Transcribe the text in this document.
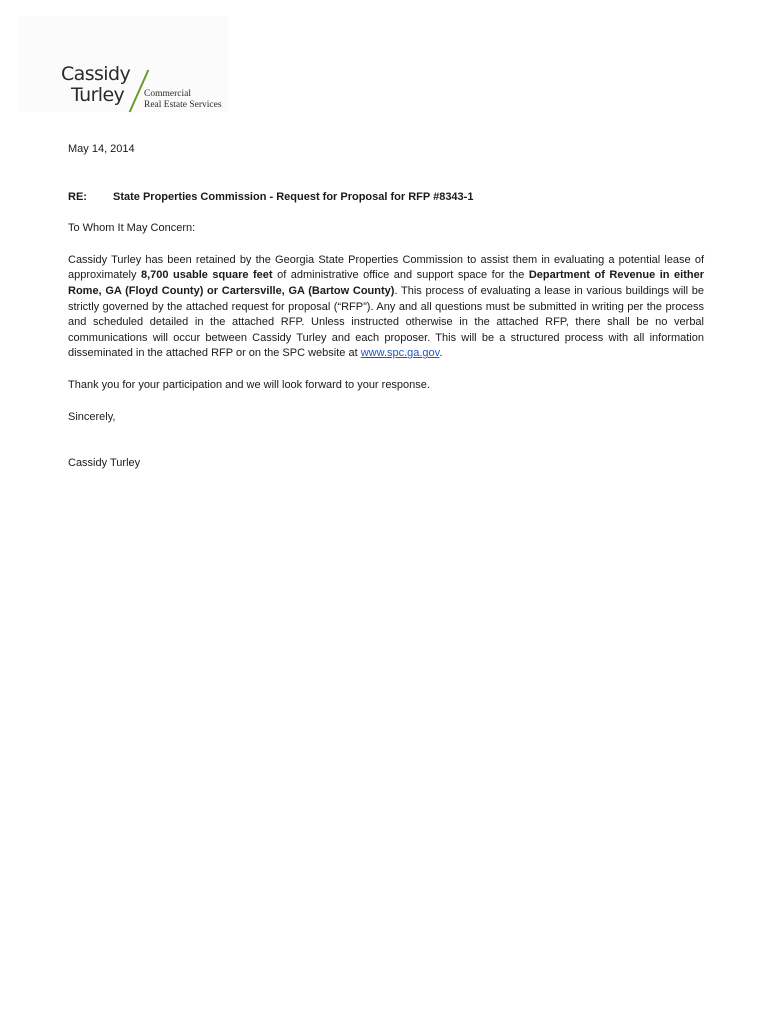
Cassidy
Turley	Commercial
Real Estate Services
May 14, 2014
RE:	State Properties Commission - Request for Proposal for RFP #8343-1
To Whom It May Concern:

Cassidy Turley has been retained by the Georgia State Properties Commission to assist them in evaluating a potential lease of approximately 8,700 usable square feet of administrative office and support space for the Department of Revenue in either Rome, GA (Floyd County) or Cartersville, GA (Bartow County). This process of evaluating a lease in various buildings will be strictly governed by the attached request for proposal (“RFP”). Any and all questions must be submitted in writing per the process and scheduled detailed in the attached RFP. Unless instructed otherwise in the attached RFP, there shall be no verbal communications will occur between Cassidy Turley and each proposer. This will be a structured process with all information disseminated in the attached RFP or on the SPC website at www.spc.ga.gov.

Thank you for your participation and we will look forward to your response.
Sincerely,
Cassidy Turley
